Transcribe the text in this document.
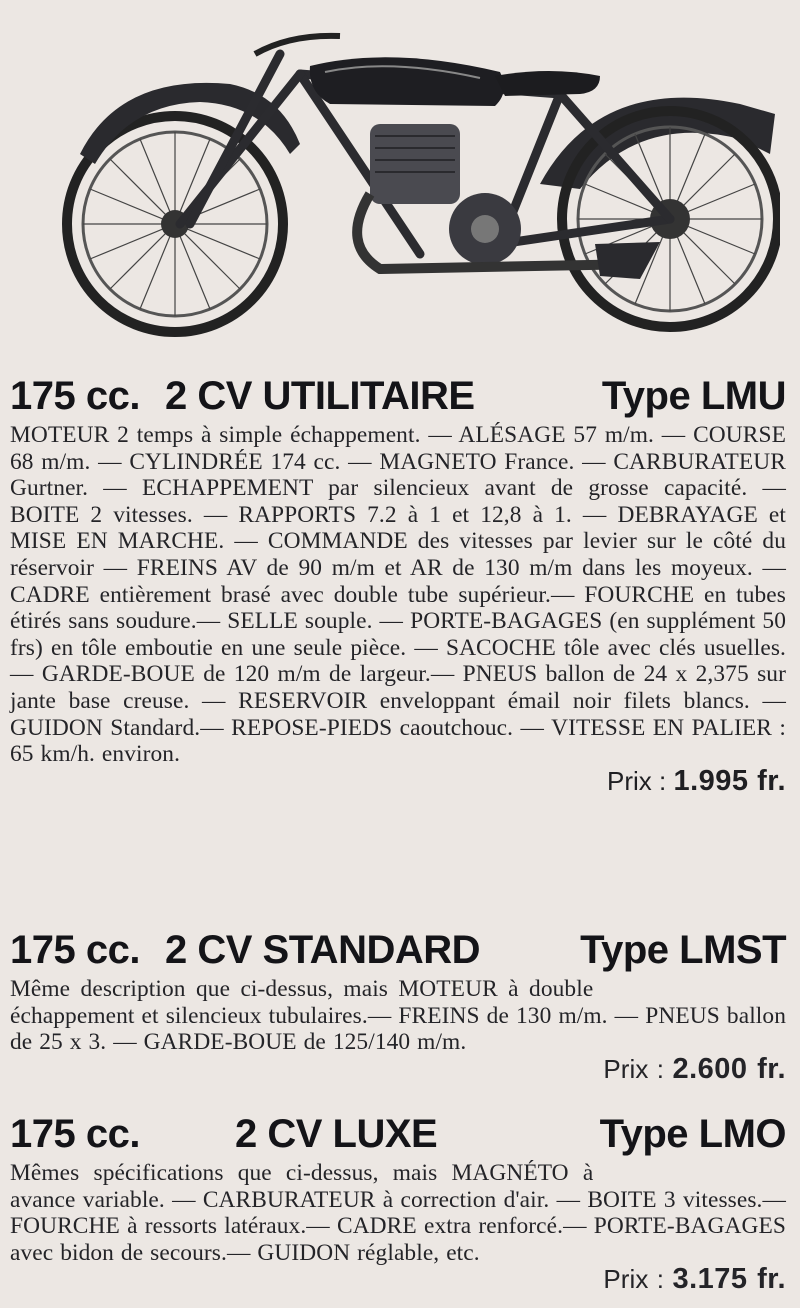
175 cc. 2 CV UTILITAIRE	Type LMU
MOTEUR 2 temps à simple échappement. — ALÉSAGE 57 m/m. — COURSE 68 m/m. — CYLINDRÉE 174 cc. — MAGNETO France. — CARBURATEUR Gurtner. — ECHAPPEMENT par silencieux avant de grosse capacité. — BOITE 2 vitesses. — RAPPORTS 7.2 à 1 et 12,8 à 1. — DEBRAYAGE et MISE EN MARCHE. — COMMANDE des vitesses par levier sur le côté du réservoir — FREINS AV de 90 m/m et AR de 130 m/m dans les moyeux. — CADRE entièrement brasé avec double tube supérieur.— FOURCHE en tubes étirés sans soudure.— SELLE souple. — PORTE-BAGAGES (en supplément 50 frs) en tôle emboutie en une seule pièce. — SACOCHE tôle avec clés usuelles.— GARDE-BOUE de 120 m/m de largeur.— PNEUS ballon de 24 x 2,375 sur jante base creuse. — RESERVOIR enveloppant émail noir filets blancs. — GUIDON Standard.— REPOSE-PIEDS caoutchouc. — VITESSE EN PALIER : 65 km/h. environ.
Prix : 1.995 fr.
175 cc. 2 CV STANDARD	Type LMST
Prix : 2.600 fr.
Même description que ci-dessus, mais MOTEUR à double échappement et silencieux tubulaires.— FREINS de 130 m/m. — PNEUS ballon de 25 x 3. — GARDE-BOUE de 125/140 m/m.
175 cc. 2 CV LUXE	Type LMO
Prix : 3.175 fr.
Mêmes spécifications que ci-dessus, mais MAGNÉTO à avance variable. — CARBURATEUR à correction d'air. — BOITE 3 vitesses.— FOURCHE à ressorts latéraux.— CADRE extra renforcé.— PORTE-BAGAGES avec bidon de secours.— GUIDON réglable, etc.
